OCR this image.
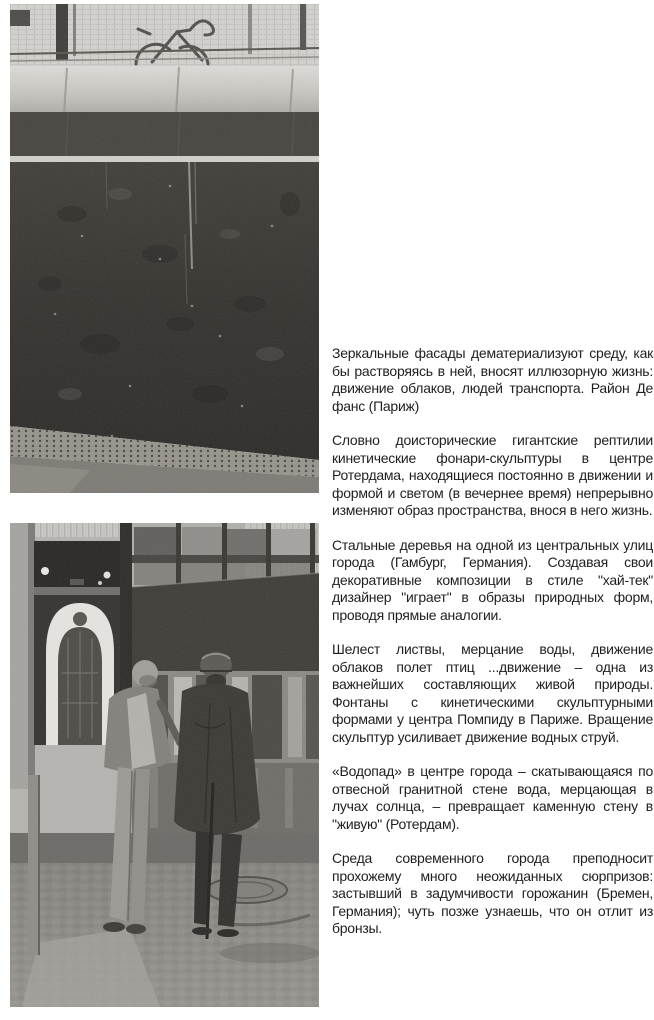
Зеркальные фасады дематериализуют среду, как бы растворяясь в ней, вносят иллюзорную жизнь: движение облаков, людей транспорта. Район Де фанс (Париж)

Словно доисторические гигантские рептилии кинетические фонари-скульптуры в центре Ротердама, находящиеся постоянно в движении и формой и светом (в вечернее время) непрерывно изменяют образ пространства, внося в него жизнь.

Стальные деревья на одной из центральных улиц города (Гамбург, Германия). Создавая свои декоративные композиции в стиле "хай-тек" дизайнер "играет" в образы природных форм, проводя прямые аналогии.

Шелест листвы, мерцание воды, движение облаков полет птиц ...движение – одна из важнейших составляющих живой природы. Фонтаны с кинетическими скульптурными формами у центра Помпиду в Париже. Вращение скульптур усиливает движение водных струй.

«Водопад» в центре города – скатывающаяся по отвесной гранитной стене вода, мерцающая в лучах солнца, – превращает каменную стену в "живую" (Ротердам).

Среда современного города преподносит прохожему много неожиданных сюрпризов: застывший в задумчивости горожанин (Бремен, Германия); чуть позже узнаешь, что он отлит из бронзы.
